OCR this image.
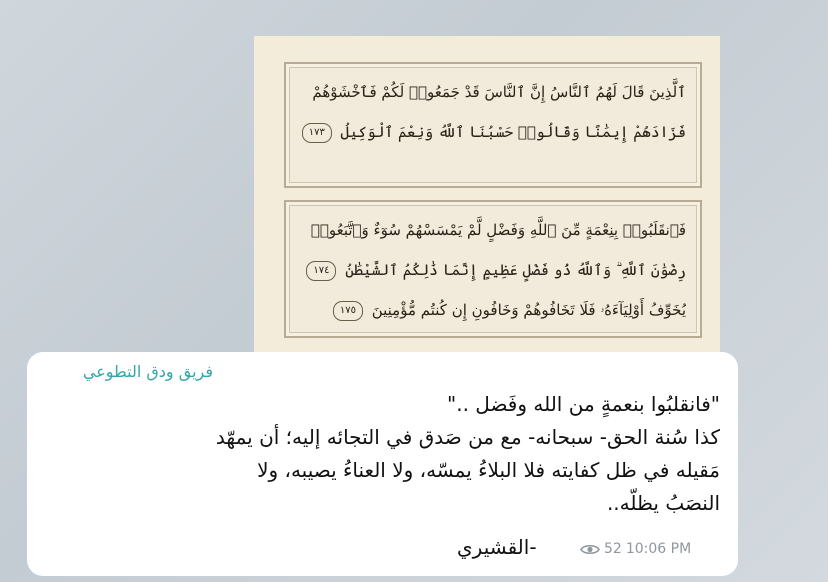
ٱلَّذِينَ قَالَ لَهُمُ ٱلنَّاسُ إِنَّ ٱلنَّاسَ قَدْ جَمَعُوا۟ لَكُمْ فَٱخْشَوْهُمْ
فَزَادَهُمْ إِيمَٰنًا وَقَالُوا۟ حَسْبُنَا ٱللَّهُ وَنِعْمَ ٱلْوَكِيلُ ١٧٣
فَٱنقَلَبُوا۟ بِنِعْمَةٍ مِّنَ ٱللَّهِ وَفَضْلٍ لَّمْ يَمْسَسْهُمْ سُوٓءٌ وَٱتَّبَعُوا۟
رِضْوَٰنَ ٱللَّهِ ۗ وَٱللَّهُ ذُو فَضْلٍ عَظِيمٍ إِنَّمَا ذَٰلِكُمُ ٱلشَّيْطَٰنُ ١٧٤
يُخَوِّفُ أَوْلِيَآءَهُۥ فَلَا تَخَافُوهُمْ وَخَافُونِ إِن كُنتُم مُّؤْمِنِينَ ١٧٥
فريق ودق التطوعي
"فانقلبُوا بنعمةٍ من الله وفَضل .."
كذا سُنة الحق- سبحانه- مع من صَدق في التجائه إليه؛ أن يمهّد
مَقيله في ظل كفايته فلا البلاءُ يمسّه، ولا العناءُ يصيبه، ولا
النصَبُ يظلّه..
-القشيري	52 10:06 PM
